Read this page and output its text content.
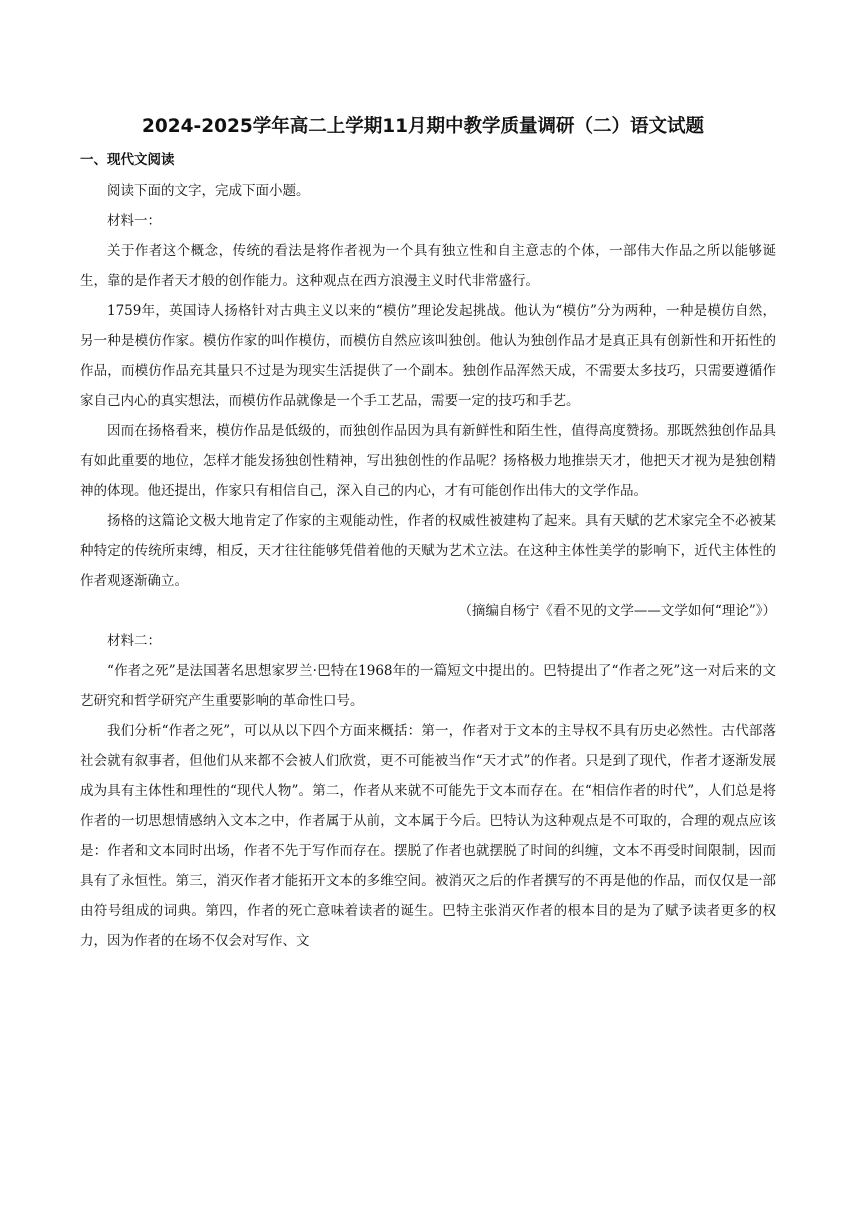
2024-2025学年高二上学期11月期中教学质量调研（二）语文试题
一、现代文阅读

阅读下面的文字，完成下面小题。

材料一：

关于作者这个概念，传统的看法是将作者视为一个具有独立性和自主意志的个体，一部伟大作品之所以能够诞生，靠的是作者天才般的创作能力。这种观点在西方浪漫主义时代非常盛行。

1759年，英国诗人扬格针对古典主义以来的“模仿”理论发起挑战。他认为“模仿”分为两种，一种是模仿自然，另一种是模仿作家。模仿作家的叫作模仿，而模仿自然应该叫独创。他认为独创作品才是真正具有创新性和开拓性的作品，而模仿作品充其量只不过是为现实生活提供了一个副本。独创作品浑然天成，不需要太多技巧，只需要遵循作家自己内心的真实想法，而模仿作品就像是一个手工艺品，需要一定的技巧和手艺。

因而在扬格看来，模仿作品是低级的，而独创作品因为具有新鲜性和陌生性，值得高度赞扬。那既然独创作品具有如此重要的地位，怎样才能发扬独创性精神，写出独创性的作品呢？扬格极力地推崇天才，他把天才视为是独创精神的体现。他还提出，作家只有相信自己，深入自己的内心，才有可能创作出伟大的文学作品。

扬格的这篇论文极大地肯定了作家的主观能动性，作者的权威性被建构了起来。具有天赋的艺术家完全不必被某种特定的传统所束缚，相反，天才往往能够凭借着他的天赋为艺术立法。在这种主体性美学的影响下，近代主体性的作者观逐渐确立。

（摘编自杨宁《看不见的文学——文学如何“理论”》）

材料二：

“作者之死”是法国著名思想家罗兰·巴特在1968年的一篇短文中提出的。巴特提出了“作者之死”这一对后来的文艺研究和哲学研究产生重要影响的革命性口号。

我们分析“作者之死”，可以从以下四个方面来概括：第一，作者对于文本的主导权不具有历史必然性。古代部落社会就有叙事者，但他们从来都不会被人们欣赏，更不可能被当作“天才式”的作者。只是到了现代，作者才逐渐发展成为具有主体性和理性的“现代人物”。第二，作者从来就不可能先于文本而存在。在“相信作者的时代”，人们总是将作者的一切思想情感纳入文本之中，作者属于从前，文本属于今后。巴特认为这种观点是不可取的，合理的观点应该是：作者和文本同时出场，作者不先于写作而存在。摆脱了作者也就摆脱了时间的纠缠，文本不再受时间限制，因而具有了永恒性。第三，消灭作者才能拓开文本的多维空间。被消灭之后的作者撰写的不再是他的作品，而仅仅是一部由符号组成的词典。第四，作者的死亡意味着读者的诞生。巴特主张消灭作者的根本目的是为了赋予读者更多的权力，因为作者的在场不仅会对写作、文
